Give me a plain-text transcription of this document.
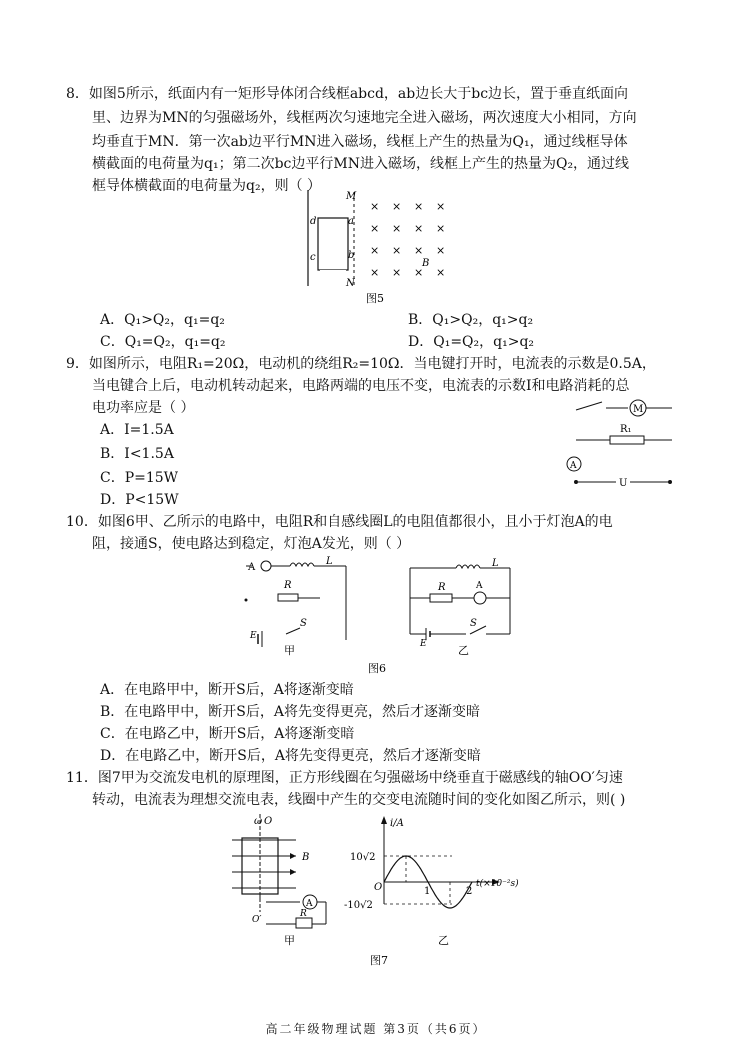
8．如图5所示，纸面内有一矩形导体闭合线框abcd，ab边长大于bc边长，置于垂直纸面向
里、边界为MN的匀强磁场外，线框两次匀速地完全进入磁场，两次速度大小相同，方向
均垂直于MN．第一次ab边平行MN进入磁场，线框上产生的热量为Q₁，通过线框导体
横截面的电荷量为q₁；第二次bc边平行MN进入磁场，线框上产生的热量为Q₂，通过线
框导体横截面的电荷量为q₂，则（ ）
M
N
d
c
a
b
× × × ×
× × × ×
× × × ×
× × × ×
B
图5
A．Q₁>Q₂，q₁=q₂	B．Q₁>Q₂，q₁>q₂
C．Q₁=Q₂，q₁=q₂	D．Q₁=Q₂，q₁>q₂
9．如图所示，电阻R₁=20Ω，电动机的绕组R₂=10Ω．当电键打开时，电流表的示数是0.5A，
当电键合上后，电动机转动起来，电路两端的电压不变，电流表的示数I和电路消耗的总
电功率应是（ ）
A．I=1.5A
B．I<1.5A
C．P=15W
D．P<15W
M
R₁
A
U
10．如图6甲、乙所示的电路中，电阻R和自感线圈L的电阻值都很小，且小于灯泡A的电
阻，接通S，使电路达到稳定，灯泡A发光，则（ ）
A
L
R
E
S
甲
L
R	A
E
S
乙
图6
A．在电路甲中，断开S后，A将逐渐变暗
B．在电路甲中，断开S后，A将先变得更亮，然后才逐渐变暗
C．在电路乙中，断开S后，A将逐渐变暗
D．在电路乙中，断开S后，A将先变得更亮，然后才逐渐变暗
11．图7甲为交流发电机的原理图，正方形线圈在匀强磁场中绕垂直于磁感线的轴OO′匀速
转动，电流表为理想交流电表，线圈中产生的交变电流随时间的变化如图乙所示，则( )
ω O
B
A
R
O′
甲
i/A
O
10√2
-10√2
1	2
t(×10⁻²s)
乙
图7
高二年级物理试题 第3页（共6页）
